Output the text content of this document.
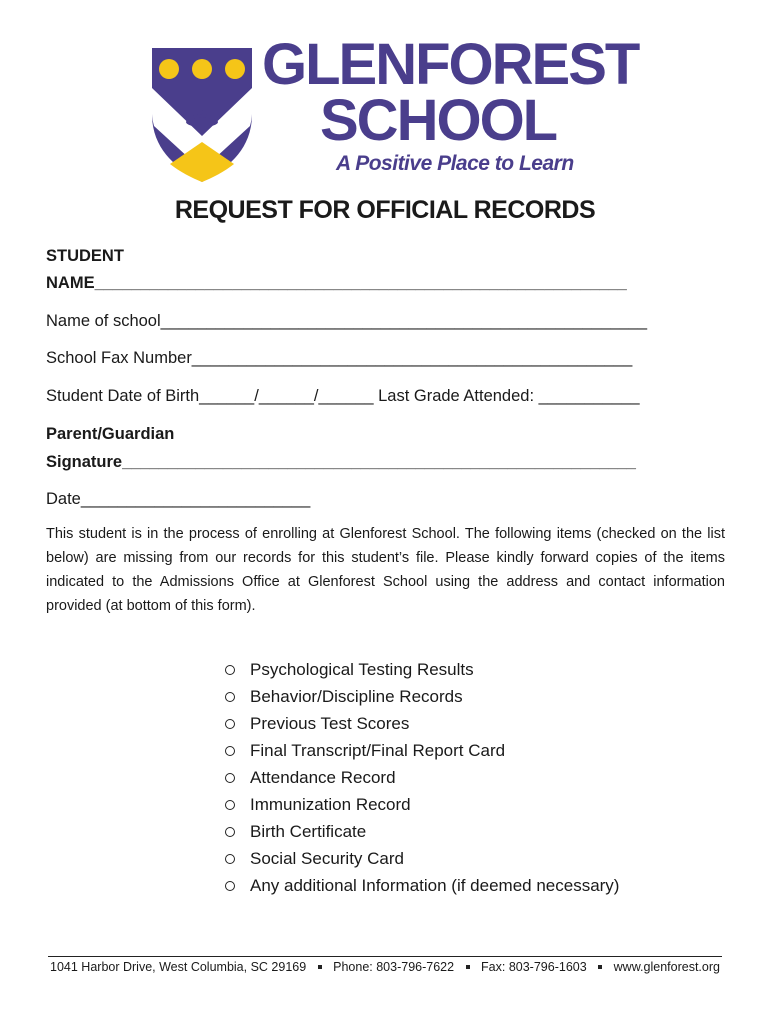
GLENFOREST
SCHOOL
A Positive Place to Learn
REQUEST FOR OFFICIAL RECORDS
STUDENT
NAME__________________________________________________________
Name of school_____________________________________________________
School Fax Number________________________________________________
Student Date of Birth______/______/______ Last Grade Attended: ___________
Parent/Guardian
Signature________________________________________________________
Date_________________________
This student is in the process of enrolling at Glenforest School. The following items (checked on the list below) are missing from our records for this student’s file. Please kindly forward copies of the items indicated to the Admissions Office at Glenforest School using the address and contact information provided (at bottom of this form).
Psychological Testing Results
Behavior/Discipline Records
Previous Test Scores
Final Transcript/Final Report Card
Attendance Record
Immunization Record
Birth Certificate
Social Security Card
Any additional Information (if deemed necessary)
1041 Harbor Drive, West Columbia, SC 29169 Phone: 803-796-7622 Fax: 803-796-1603 www.glenforest.org
